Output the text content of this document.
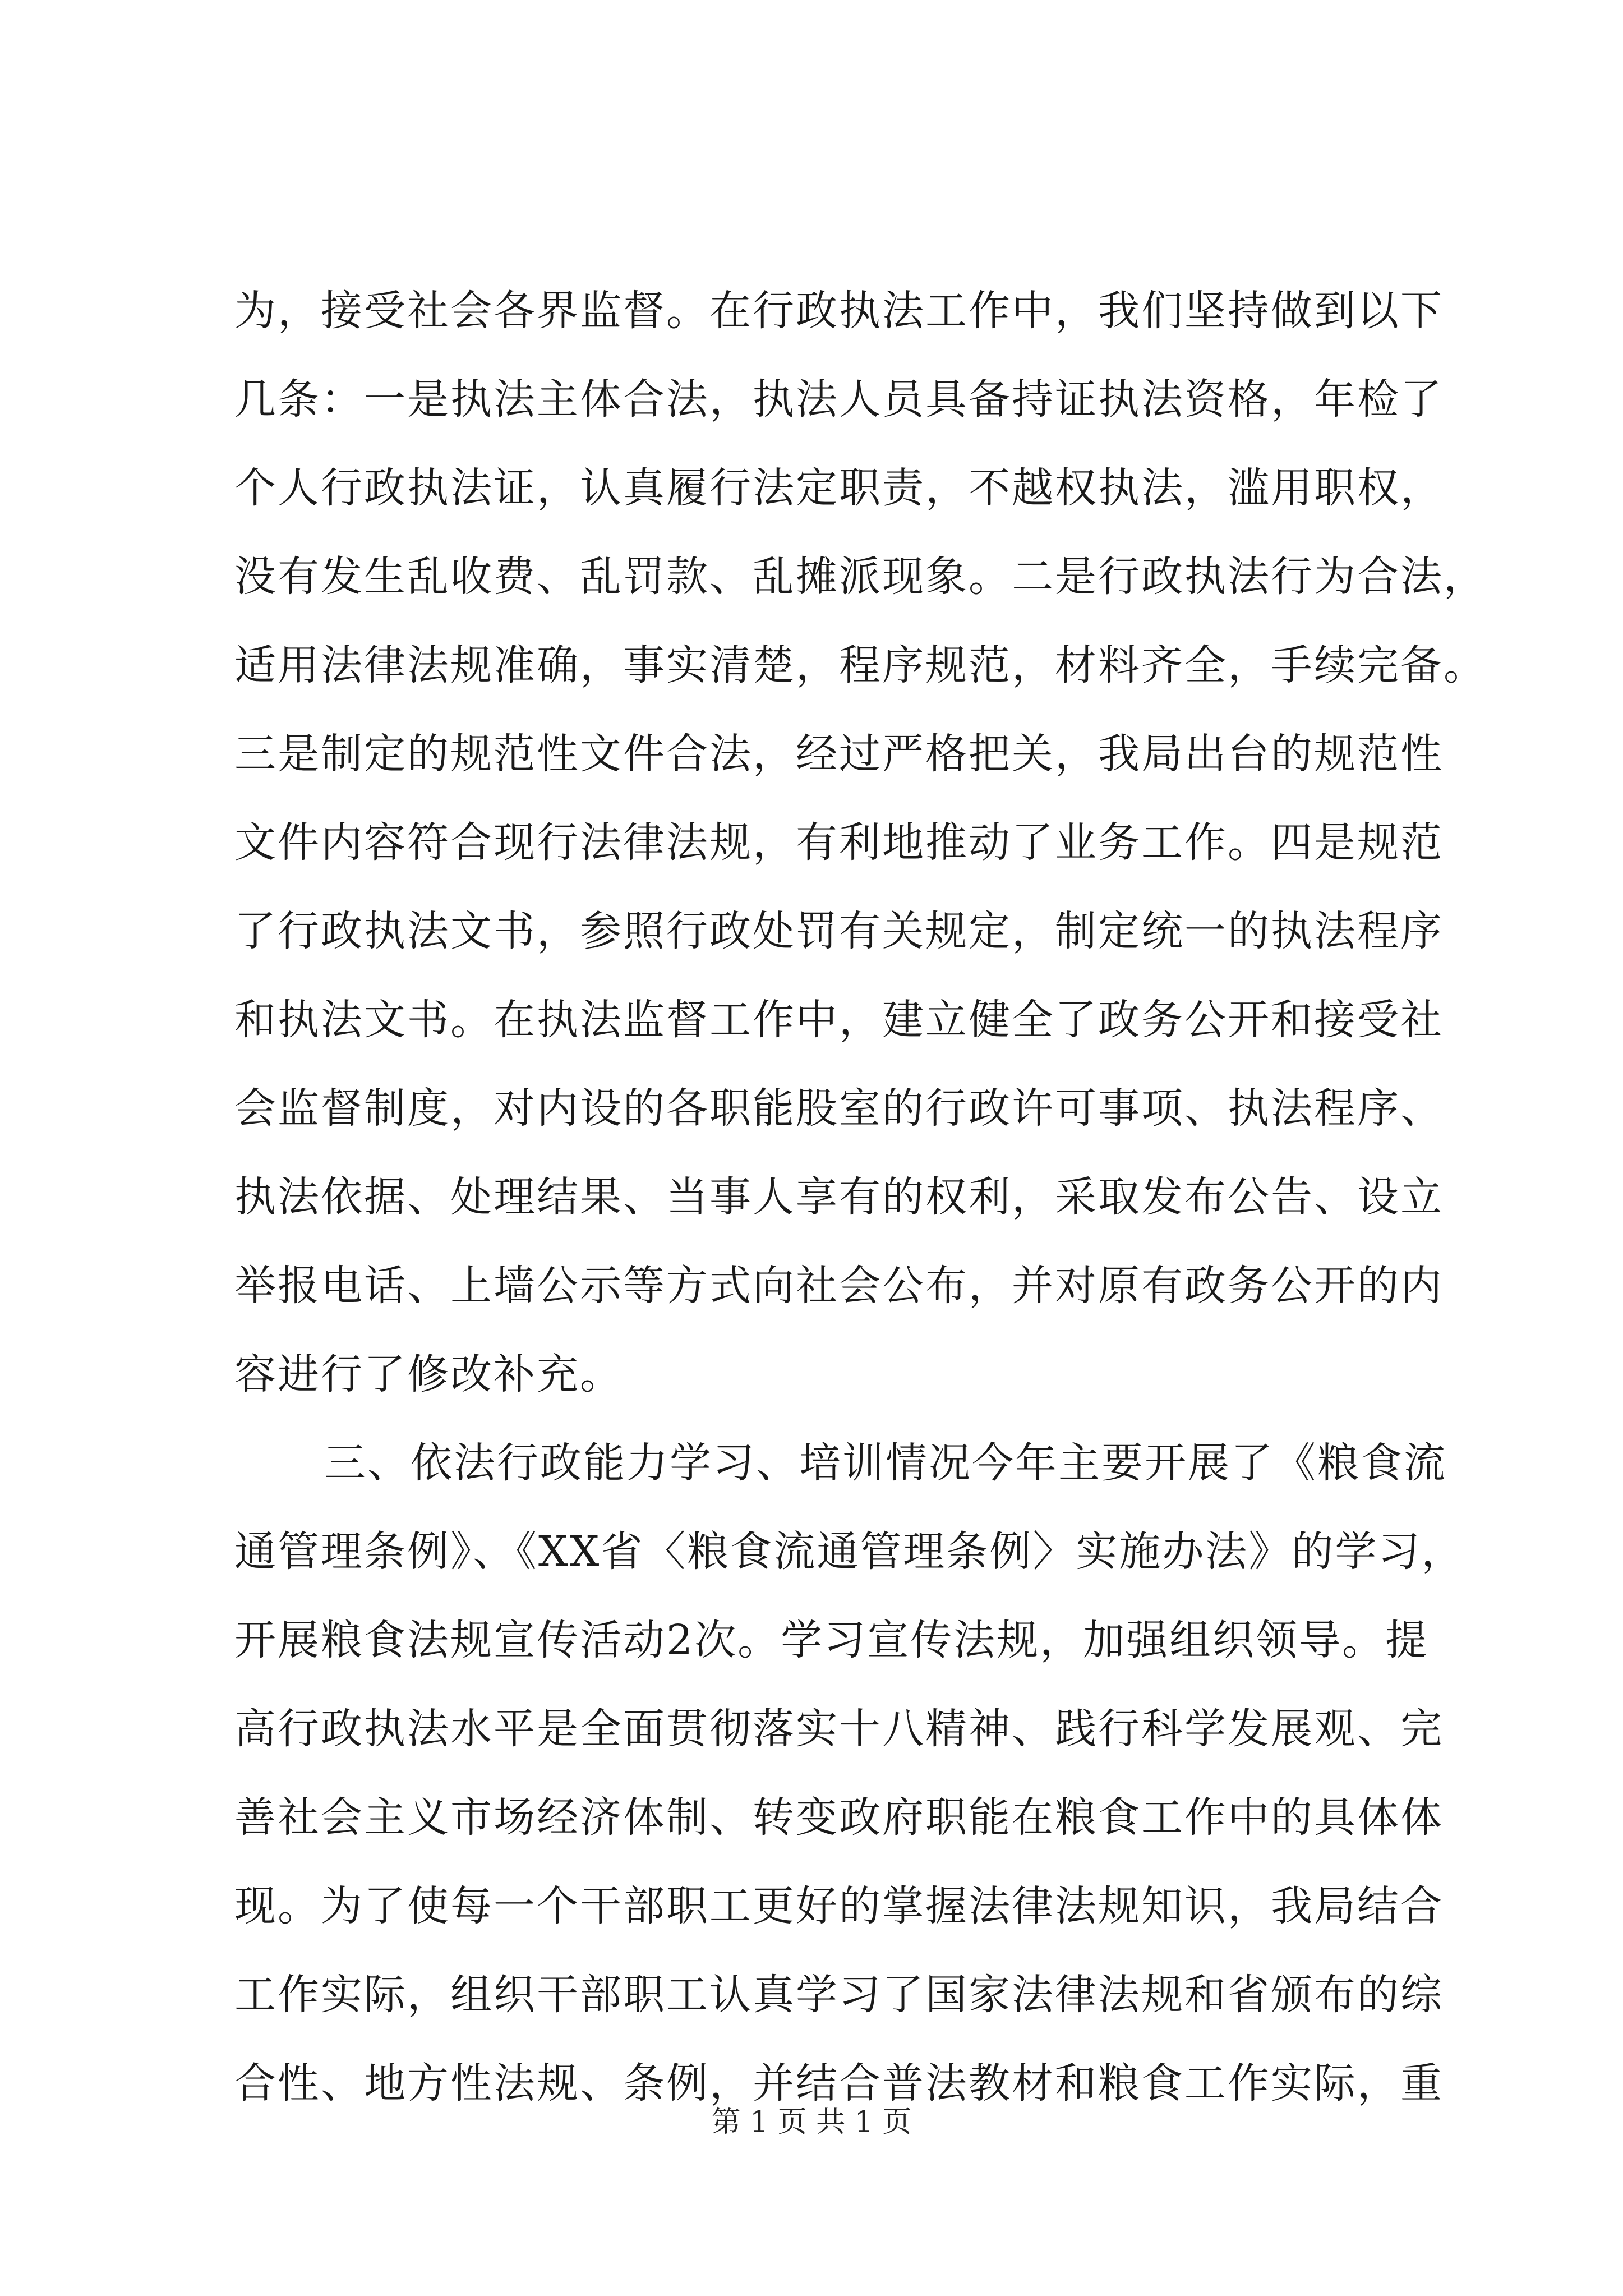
为，接受社会各界监督。在行政执法工作中，我们坚持做到以下
几条：一是执法主体合法，执法人员具备持证执法资格，年检了
个人行政执法证，认真履行法定职责，不越权执法，滥用职权，
没有发生乱收费、乱罚款、乱摊派现象。二是行政执法行为合法，
适用法律法规准确，事实清楚，程序规范，材料齐全，手续完备。
三是制定的规范性文件合法，经过严格把关，我局出台的规范性
文件内容符合现行法律法规，有利地推动了业务工作。四是规范
了行政执法文书，参照行政处罚有关规定，制定统一的执法程序
和执法文书。在执法监督工作中，建立健全了政务公开和接受社
会监督制度，对内设的各职能股室的行政许可事项、执法程序、
执法依据、处理结果、当事人享有的权利，采取发布公告、设立
举报电话、上墙公示等方式向社会公布，并对原有政务公开的内
容进行了修改补充。
三、依法行政能力学习、培训情况今年主要开展了《粮食流
通管理条例》、《XX省〈粮食流通管理条例〉实施办法》的学习，
开展粮食法规宣传活动2次。学习宣传法规，加强组织领导。提
高行政执法水平是全面贯彻落实十八精神、践行科学发展观、完
善社会主义市场经济体制、转变政府职能在粮食工作中的具体体
现。为了使每一个干部职工更好的掌握法律法规知识，我局结合
工作实际，组织干部职工认真学习了国家法律法规和省颁布的综
合性、地方性法规、条例，并结合普法教材和粮食工作实际，重
第 1 页 共 1 页
